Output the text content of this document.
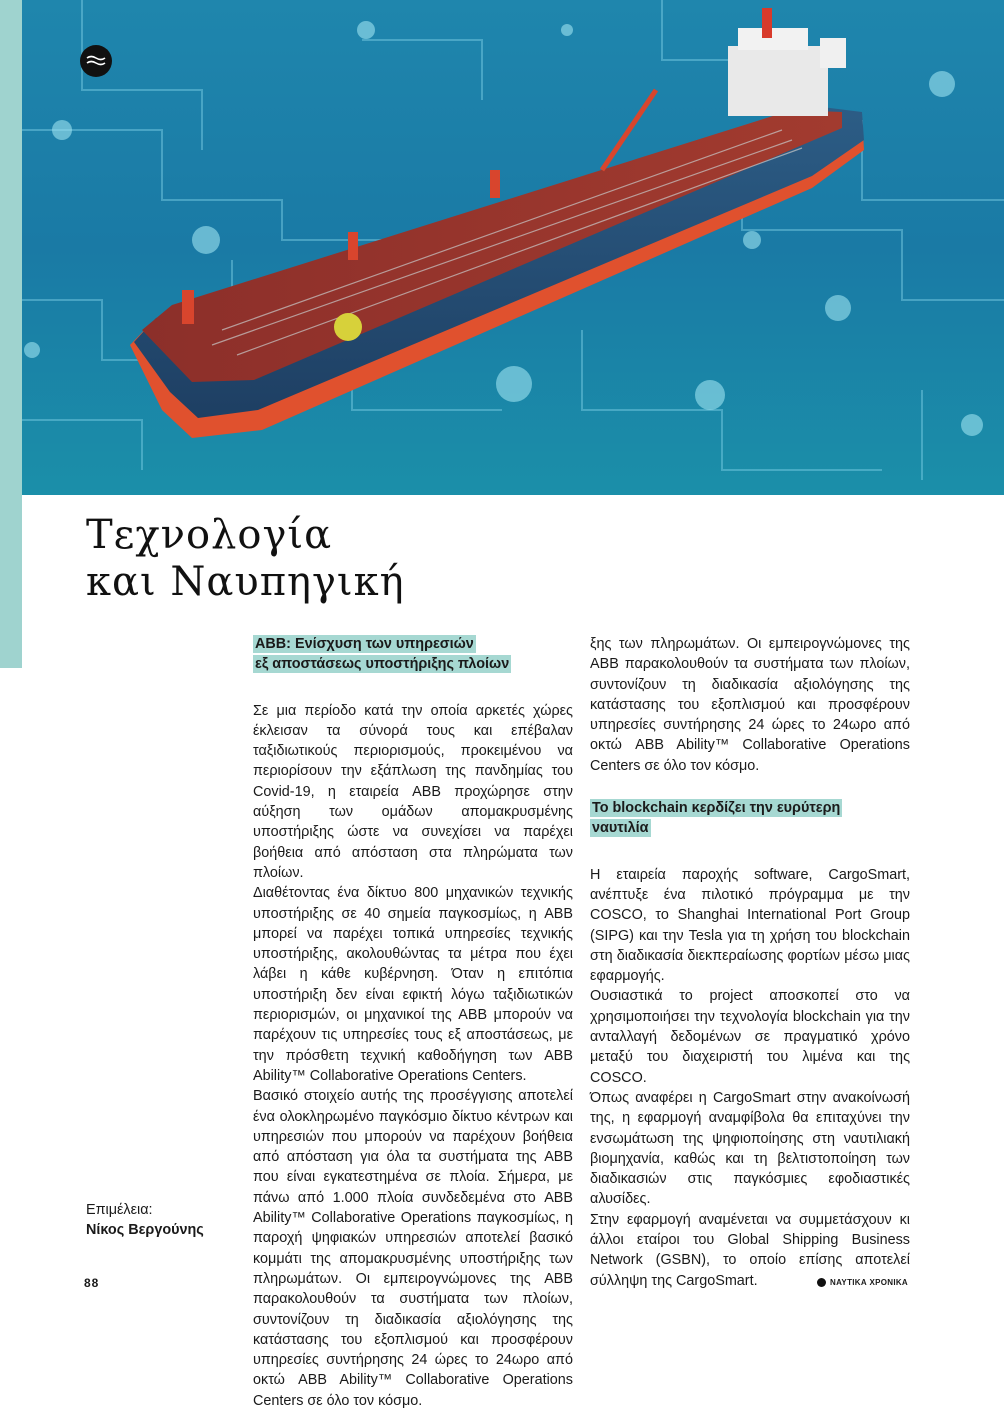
Τεχνολογία
και Ναυπηγική
ABB: Ενίσχυση των υπηρεσιών
εξ αποστάσεως υποστήριξης πλοίων

Σε μια περίοδο κατά την οποία αρκετές χώρες έκλεισαν τα σύνορά τους και επέβαλαν ταξιδιωτικούς περιορισμούς, προκειμένου να περιορίσουν την εξάπλωση της πανδημίας του Covid-19, η εταιρεία ABB προχώρησε στην αύξηση των ομάδων απομακρυσμένης υποστήριξης ώστε να συνεχίσει να παρέχει βοήθεια από απόσταση στα πληρώματα των πλοίων.

Διαθέτοντας ένα δίκτυο 800 μηχανικών τεχνικής υποστήριξης σε 40 σημεία παγκοσμίως, η ABB μπορεί να παρέχει τοπικά υπηρεσίες τεχνικής υποστήριξης, ακολουθώντας τα μέτρα που έχει λάβει η κάθε κυβέρνηση. Όταν η επιτόπια υποστήριξη δεν είναι εφικτή λόγω ταξιδιωτικών περιορισμών, οι μηχανικοί της ABB μπορούν να παρέχουν τις υπηρεσίες τους εξ αποστάσεως, με την πρόσθετη τεχνική καθοδήγηση των ABB Ability™ Collaborative Operations Centers.

Βασικό στοιχείο αυτής της προσέγγισης αποτελεί ένα ολοκληρωμένο παγκόσμιο δίκτυο κέντρων και υπηρεσιών που μπορούν να παρέχουν βοήθεια από απόσταση για όλα τα συστήματα της ABB που είναι εγκατεστημένα σε πλοία. Σήμερα, με πάνω από 1.000 πλοία συνδεδεμένα στο ABB Ability™ Collaborative Operations παγκοσμίως, η παροχή ψηφιακών υπηρεσιών αποτελεί βασικό κομμάτι της απομακρυσμένης υποστήριξης των πληρωμάτων. Οι εμπειρογνώμονες της ABB παρακολουθούν τα συστήματα των πλοίων, συντονίζουν τη διαδικασία αξιολόγησης της κατάστασης του εξοπλισμού και προσφέρουν υπηρεσίες συντήρησης 24 ώρες το 24ωρο από οκτώ ABB Ability™ Collaborative Operations Centers σε όλο τον κόσμο.

ξης των πληρωμάτων. Οι εμπειρογνώμονες της ABB παρακολουθούν τα συστήματα των πλοίων, συντονίζουν τη διαδικασία αξιολόγησης της κατάστασης του εξοπλισμού και προσφέρουν υπηρεσίες συντήρησης 24 ώρες το 24ωρο από οκτώ ABB Ability™ Collaborative Operations Centers σε όλο τον κόσμο.

Το blockchain κερδίζει την ευρύτερη
ναυτιλία

Η εταιρεία παροχής software, CargoSmart, ανέπτυξε ένα πιλοτικό πρόγραμμα με την COSCO, το Shanghai International Port Group (SIPG) και την Tesla για τη χρήση του blockchain στη διαδικασία διεκπεραίωσης φορτίων μέσω μιας εφαρμογής.

Ουσιαστικά το project αποσκοπεί στο να χρησιμοποιήσει την τεχνολογία blockchain για την ανταλλαγή δεδομένων σε πραγματικό χρόνο μεταξύ του διαχειριστή του λιμένα και της COSCO.

Όπως αναφέρει η CargoSmart στην ανακοίνωσή της, η εφαρμογή αναμφίβολα θα επιταχύνει την ενσωμάτωση της ψηφιοποίησης στη ναυτιλιακή βιομηχανία, καθώς και τη βελτιστοποίηση των διαδικασιών στις παγκόσμιες εφοδιαστικές αλυσίδες.

Στην εφαρμογή αναμένεται να συμμετάσχουν κι άλλοι εταίροι του Global Shipping Business Network (GSBN), το οποίο επίσης αποτελεί σύλληψη της CargoSmart.

Επιμέλεια:
Νίκος Βεργούνης
88	ΝΑΥΤΙΚΑ ΧΡΟΝΙΚΑ
